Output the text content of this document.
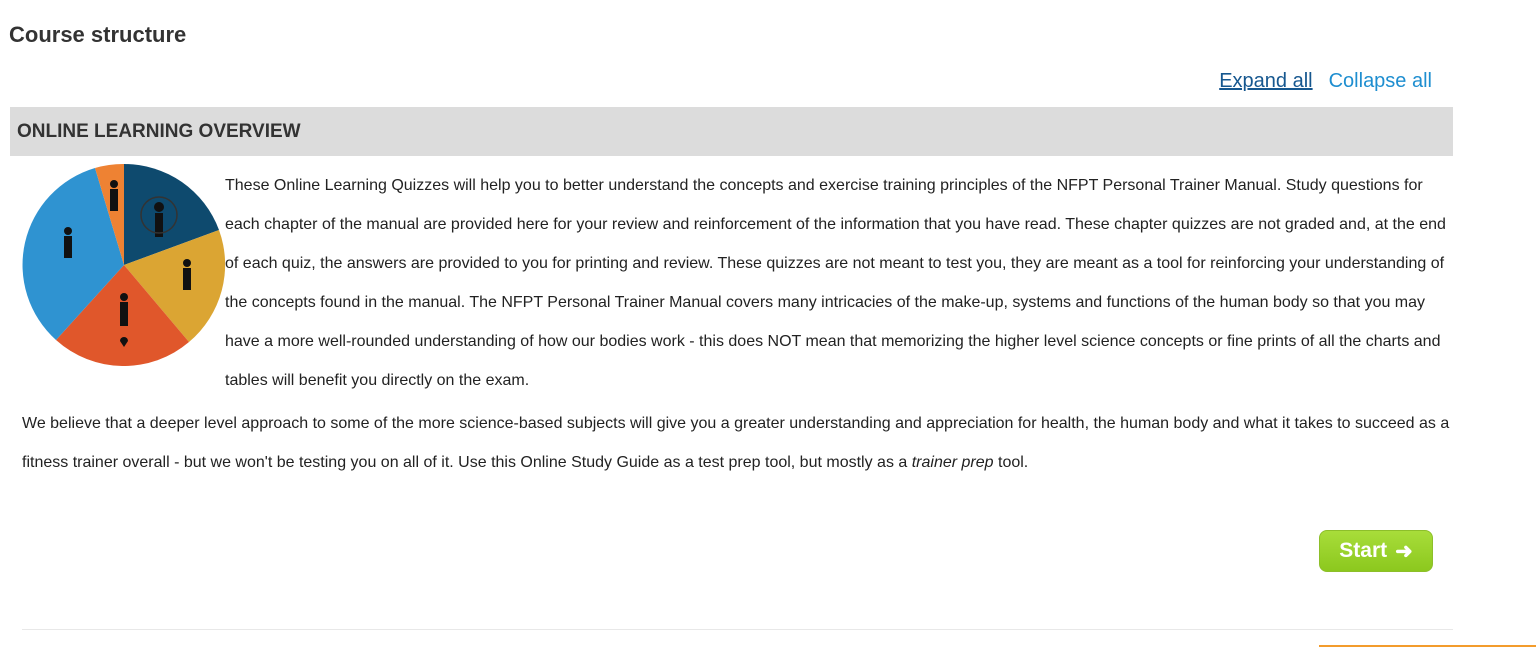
Course structure
Expand all Collapse all
ONLINE LEARNING OVERVIEW
These Online Learning Quizzes will help you to better understand the concepts and exercise training principles of the NFPT Personal Trainer Manual. Study questions for each chapter of the manual are provided here for your review and reinforcement of the information that you have read. These chapter quizzes are not graded and, at the end of each quiz, the answers are provided to you for printing and review. These quizzes are not meant to test you, they are meant as a tool for reinforcing your understanding of the concepts found in the manual. The NFPT Personal Trainer Manual covers many intricacies of the make-up, systems and functions of the human body so that you may have a more well-rounded understanding of how our bodies work - this does NOT mean that memorizing the higher level science concepts or fine prints of all the charts and tables will benefit you directly on the exam.
We believe that a deeper level approach to some of the more science-based subjects will give you a greater understanding and appreciation for health, the human body and what it takes to succeed as a fitness trainer overall - but we won't be testing you on all of it. Use this Online Study Guide as a test prep tool, but mostly as a trainer prep tool.
Start ➜
